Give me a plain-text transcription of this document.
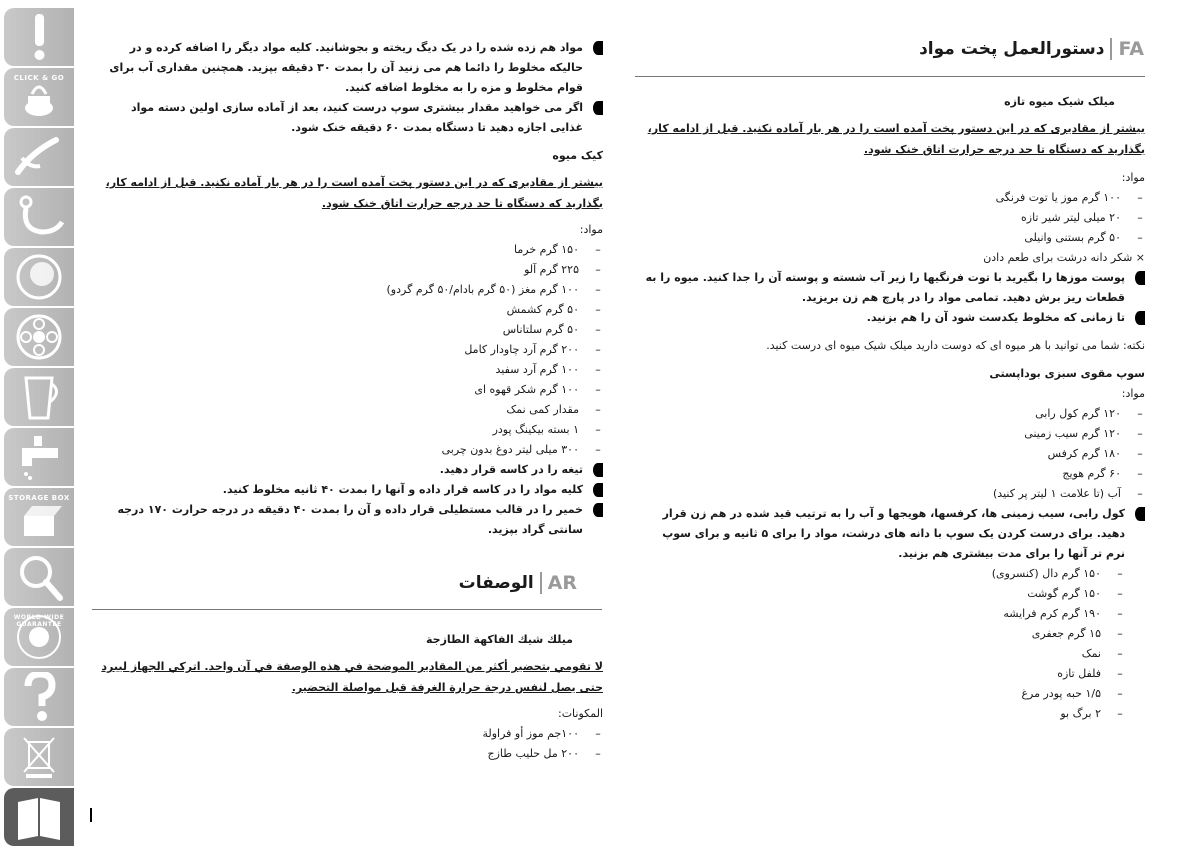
CLICK & GO
STORAGE BOX
WORLD-WIDE GUARANTEE
FA
دستورالعمل پخت مواد

میلک شیک میوه تازه

بیشتر از مقادیری که در این دستور پخت آمده است را در هر بار آماده نکنید. قبل از ادامه کار، بگذارید که دستگاه تا حد درجه حرارت اتاق خنک شود.

مواد:

–
۱۰۰ گرم موز یا توت فرنگی
–
۲۰ میلی لیتر شیر تازه
–
۵۰ گرم بستنی وانیلی

× شکر دانه درشت برای طعم دادن

پوست موزها را بگیرید با توت فرنگیها را زیر آب شسته و پوسته آن را جدا کنید. میوه را به قطعات ریز برش دهید. تمامی مواد را در پارچ هم زن بریزید.
تا زمانی که مخلوط یکدست شود آن را هم بزنید.

نکته: شما می توانید با هر میوه ای که دوست دارید میلک شیک میوه ای درست کنید.

سوپ مقوی سبزی بوداپستی

مواد:

–
۱۲۰ گرم کول رابی
–
۱۲۰ گرم سیب زمینی
–
۱۸۰ گرم کرفس
–
۶۰ گرم هویج
–
آب (تا علامت ۱ لیتر پر کنید)
کول رابی، سیب زمینی ها، کرفسها، هویجها و آب را به ترتیب قید شده در هم زن قرار دهید. برای درست کردن یک سوپ با دانه های درشت، مواد را برای ۵ ثانیه و برای سوپ نرم تر آنها را برای مدت بیشتری هم بزنید.
–
۱۵۰ گرم دال (کنسروی)
–
۱۵۰ گرم گوشت
–
۱۹۰ گرم کرم فرایشه
–
۱۵ گرم جعفری
–
نمک
–
فلفل تازه
–
۱/۵ حبه پودر مرغ
–
۲ برگ بو
مواد هم زده شده را در یک دیگ ریخته و بجوشانید. کلیه مواد دیگر را اضافه کرده و در حالیکه مخلوط را دائما هم می زنید آن را بمدت ۳۰ دقیقه بپزید. همچنین مقداری آب برای قوام مخلوط و مزه را به مخلوط اضافه کنید.
اگر می خواهید مقدار بیشتری سوپ درست کنید، بعد از آماده سازی اولین دسته مواد غذایی اجازه دهید تا دستگاه بمدت ۶۰ دقیقه خنک شود.

کیک میوه

بیشتر از مقادیری که در این دستور پخت آمده است را در هر بار آماده نکنید. قبل از ادامه کار، بگذارید که دستگاه تا حد درجه حرارت اتاق خنک شود.

مواد:

–
۱۵۰ گرم خرما
–
۲۲۵ گرم آلو
–
۱۰۰ گرم مغز (۵۰ گرم بادام/۵۰ گرم گردو)
–
۵۰ گرم کشمش
–
۵۰ گرم سلتاناس
–
۲۰۰ گرم آرد چاودار کامل
–
۱۰۰ گرم آرد سفید
–
۱۰۰ گرم شکر قهوه ای
–
مقدار کمی نمک
–
۱ بسته بیکینگ پودر
–
۳۰۰ میلی لیتر دوغ بدون چربی
تیغه را در کاسه قرار دهید.
کلیه مواد را در کاسه قرار داده و آنها را بمدت ۴۰ ثانیه مخلوط کنید.
خمیر را در قالب مستطیلی قرار داده و آن را بمدت ۴۰ دقیقه در درجه حرارت ۱۷۰ درجه سانتی گراد بپزید.
AR
الوصفات

ميلك شيك الفاكهة الطازجة

لا تقومي بتحضير أكثر من المقادير الموضحة في هذه الوصفة في آن واحد. اتركي الجهاز ليبرد حتى يصل لنفس درجة حرارة الغرفة قبل مواصلة التحضير.

المكونات:

–
١٠٠جم موز أو فراولة
–
٢٠٠ مل حليب طازج
